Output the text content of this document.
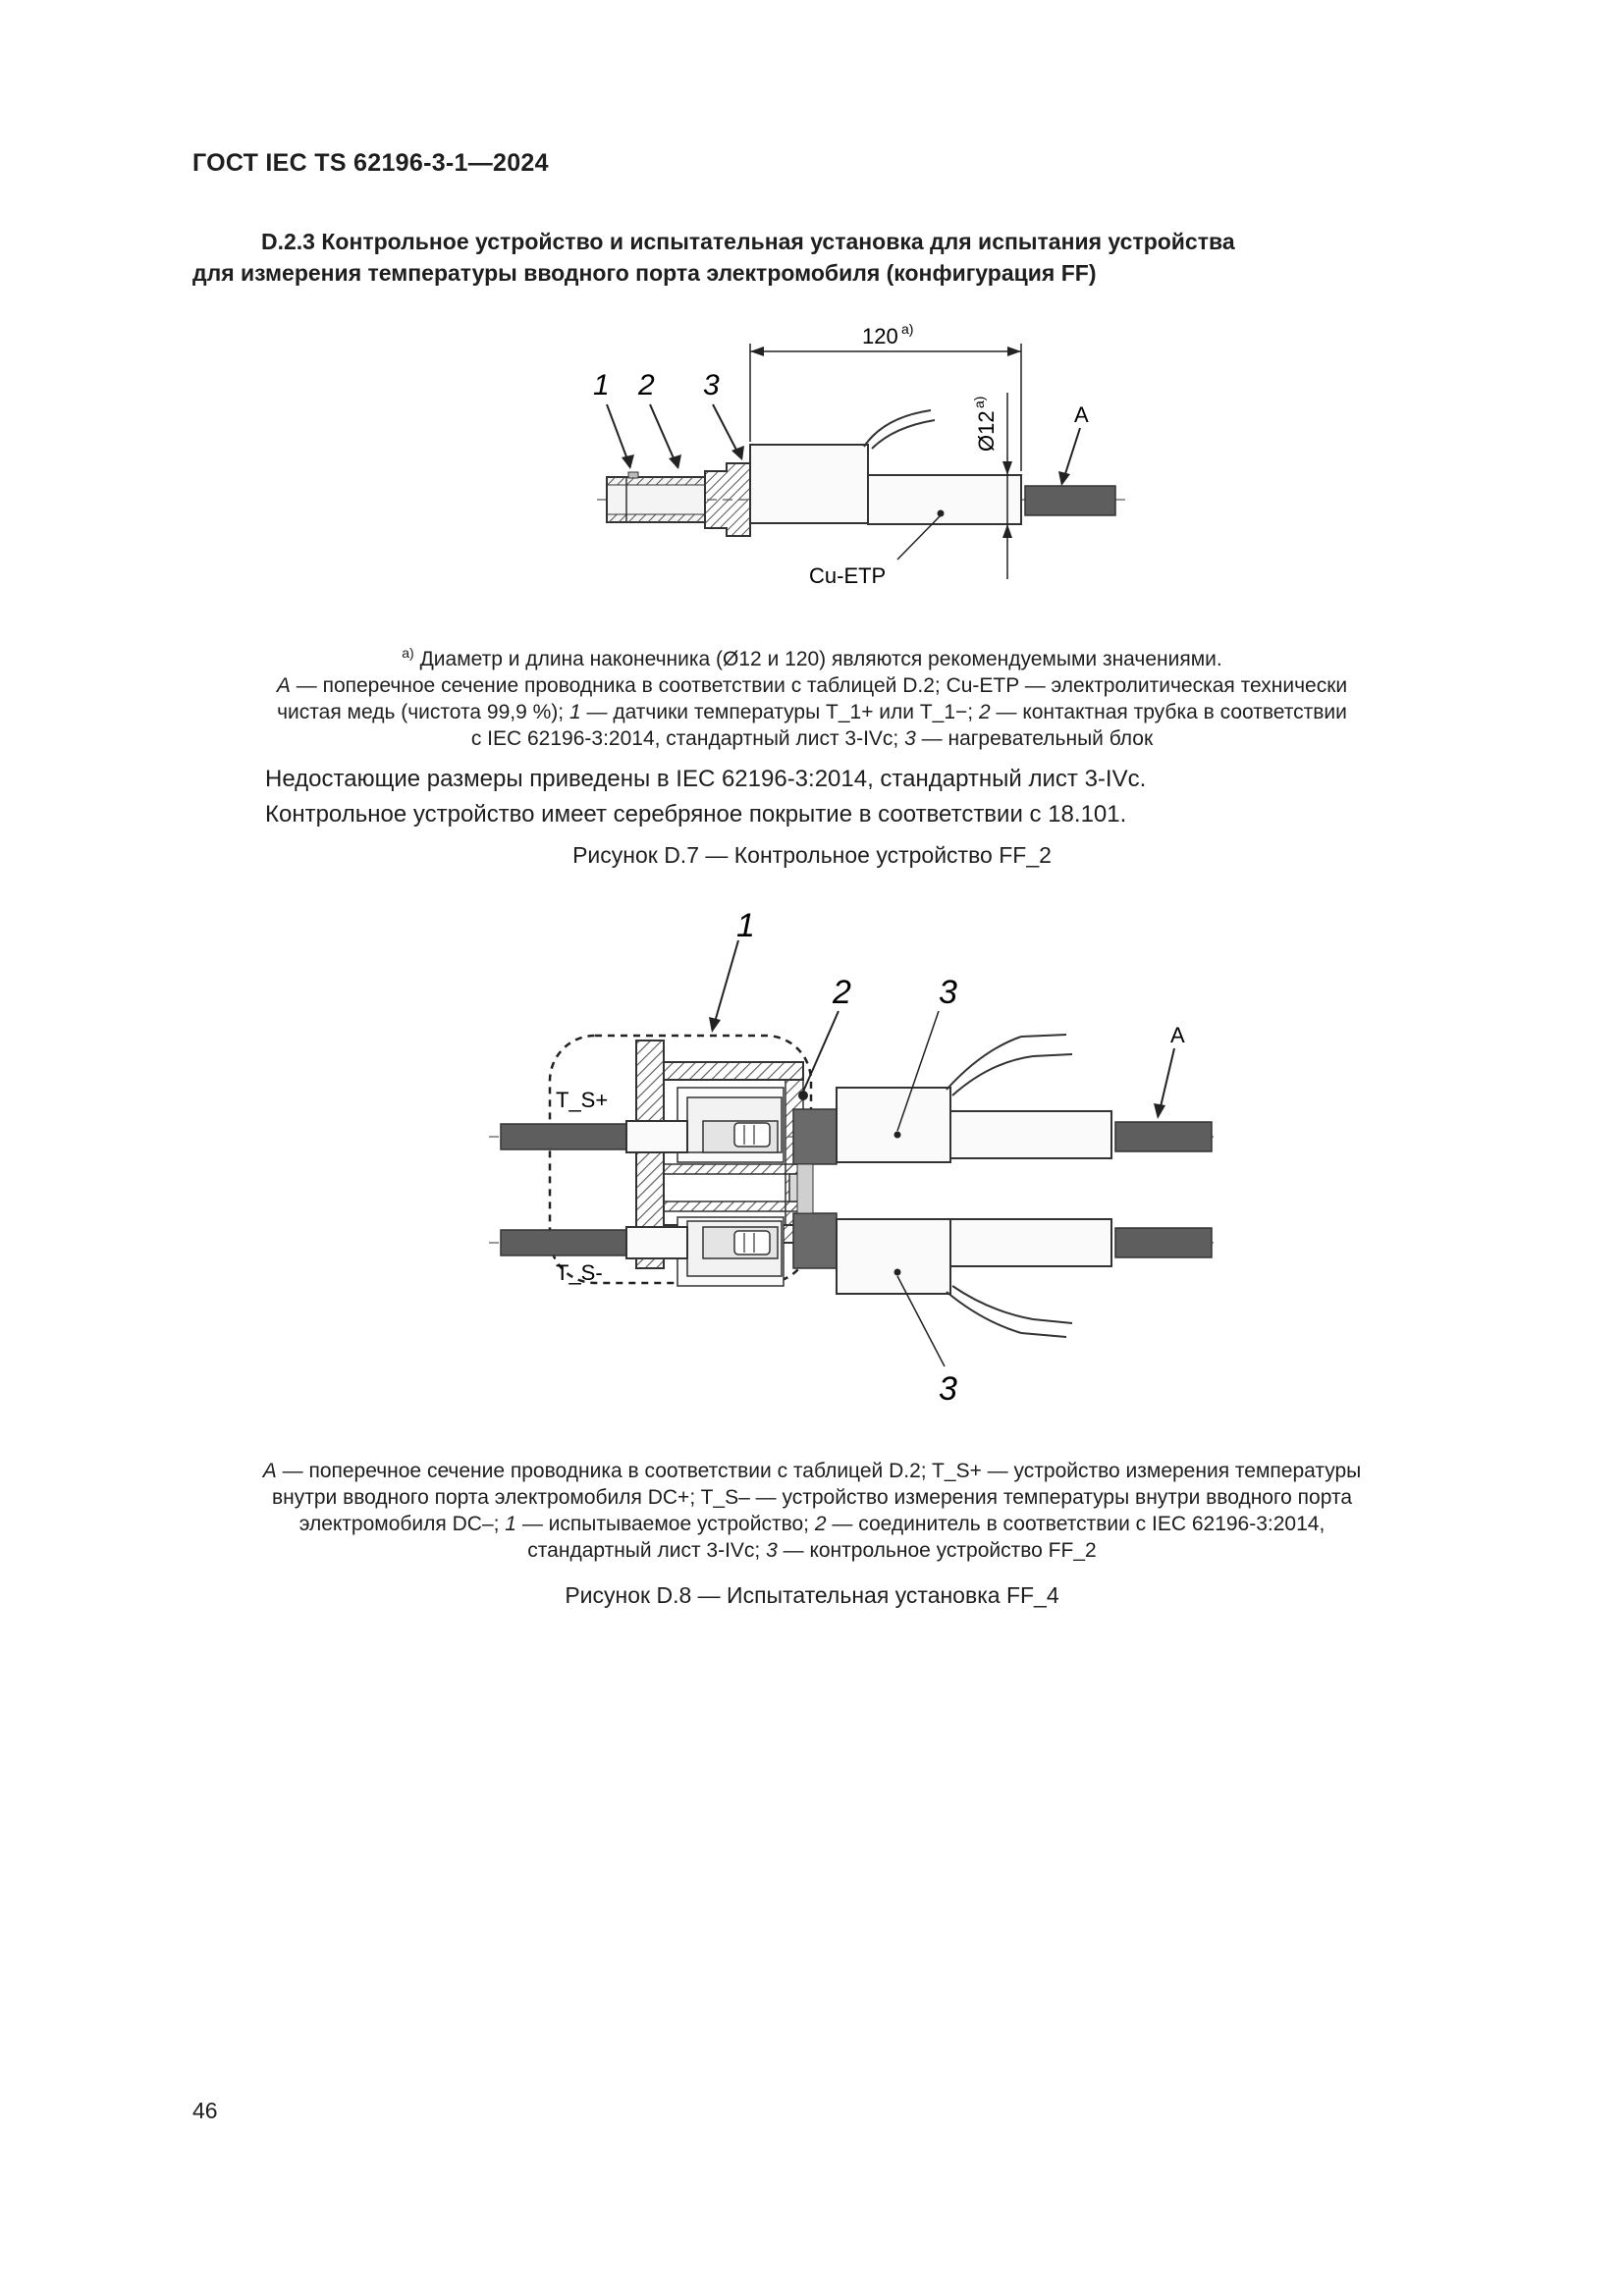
ГОСТ IEC TS 62196-3-1—2024
D.2.3 Контрольное устройство и испытательная установка для испытания устройства
для измерения температуры вводного порта электромобиля (конфигурация FF)
1 2 3
120 a)
Ø12
a)
A
Cu-ETP
$^{a)}$ Диаметр и длина наконечника (Ø12 и 120) являются рекомендуемыми значениями.
A — поперечное сечение проводника в соответствии с таблицей D.2; Cu-ETP — электролитическая технически
чистая медь (чистота 99,9 %); 1 — датчики температуры T_1+ или T_1−; 2 — контактная трубка в соответствии
с IEC 62196-3:2014, стандартный лист 3-IVc; 3 — нагревательный блок
Недостающие размеры приведены в IEC 62196-3:2014, стандартный лист 3-IVc.
Контрольное устройство имеет серебряное покрытие в соответствии с 18.101.
Рисунок D.7 — Контрольное устройство FF_2
1
2	3
3
A
T_S+
T_S-
A — поперечное сечение проводника в соответствии с таблицей D.2; T_S+ — устройство измерения температуры
внутри вводного порта электромобиля DC+; T_S– — устройство измерения температуры внутри вводного порта
электромобиля DC–; 1 — испытываемое устройство; 2 — соединитель в соответствии с IEC 62196-3:2014,
стандартный лист 3-IVc; 3 — контрольное устройство FF_2
Рисунок D.8 — Испытательная установка FF_4
46
